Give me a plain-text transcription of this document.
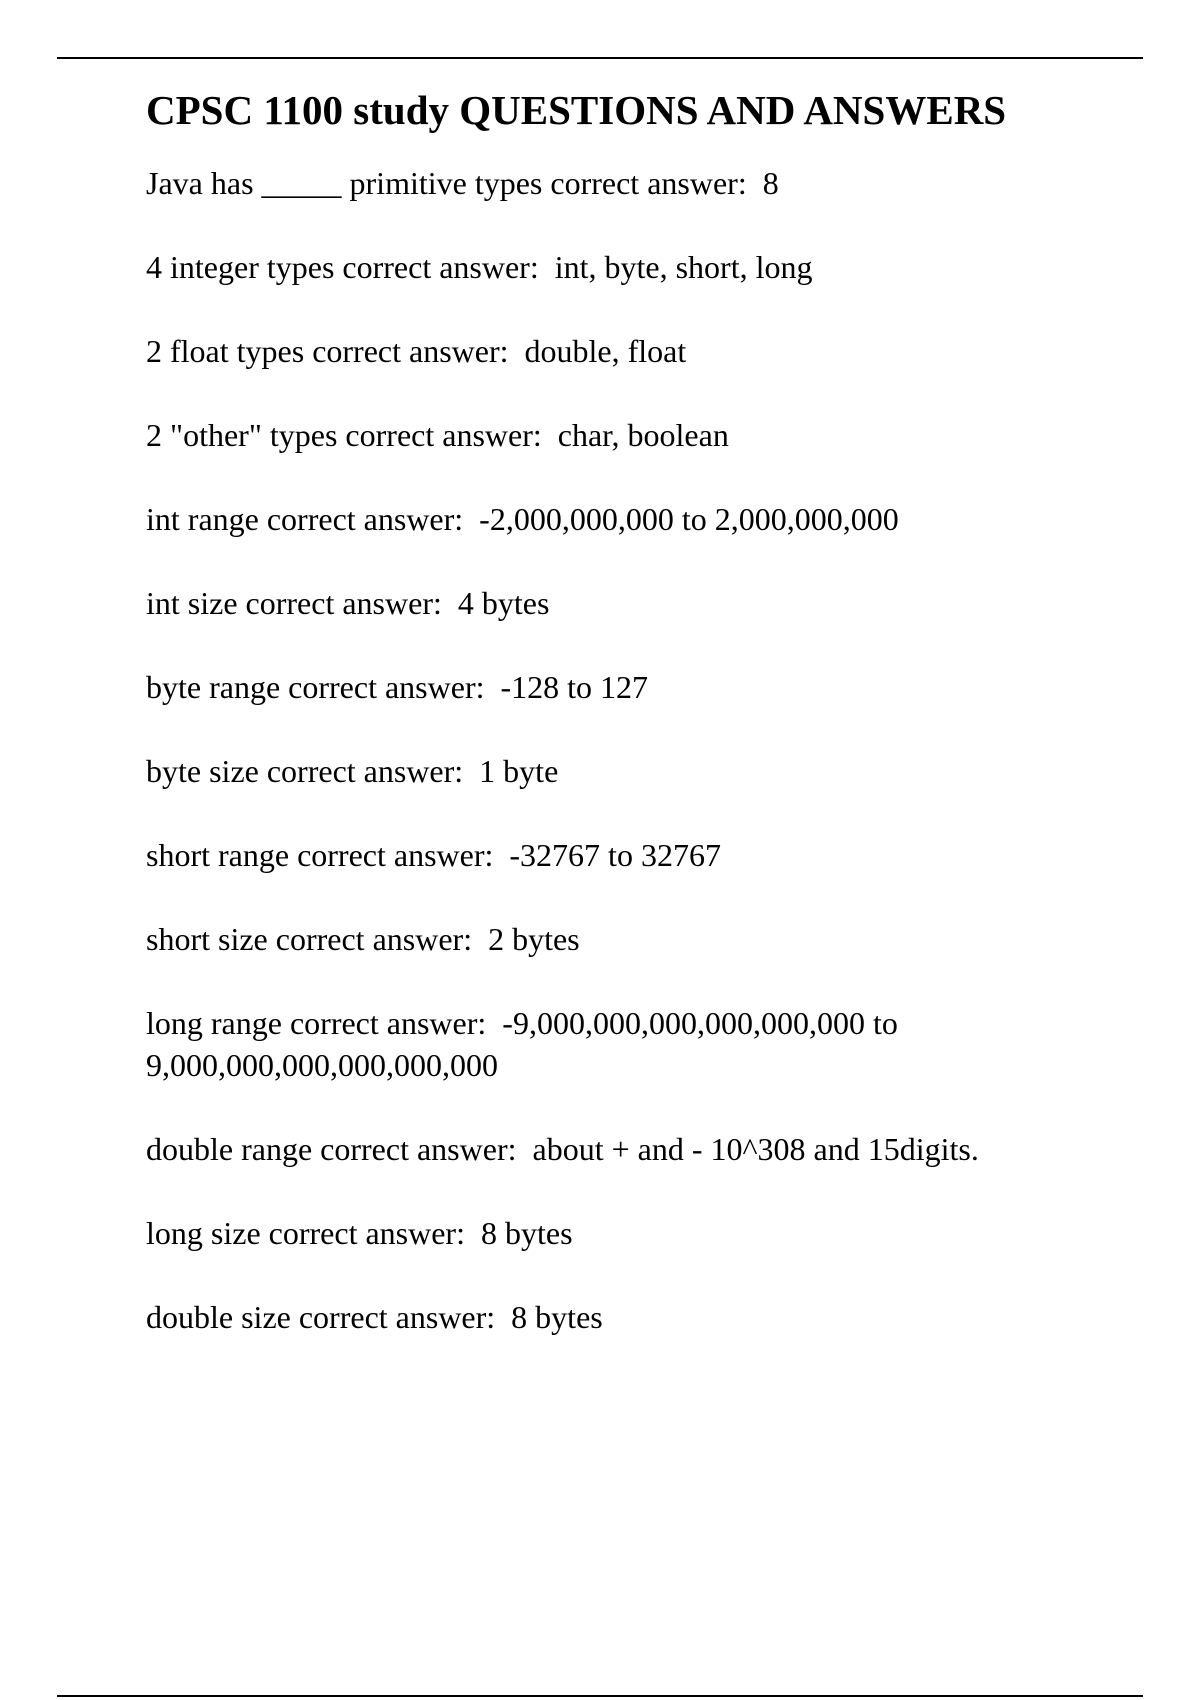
CPSC 1100 study QUESTIONS AND ANSWERS
Java has _____ primitive types correct answer:  8
4 integer types correct answer:  int, byte, short, long
2 float types correct answer:  double, float
2 "other" types correct answer:  char, boolean
int range correct answer:  -2,000,000,000 to 2,000,000,000
int size correct answer:  4 bytes
byte range correct answer:  -128 to 127
byte size correct answer:  1 byte
short range correct answer:  -32767 to 32767
short size correct answer:  2 bytes
long range correct answer:  -9,000,000,000,000,000,000 to 9,000,000,000,000,000,000
double range correct answer:  about + and - 10^308 and 15digits.
long size correct answer:  8 bytes
double size correct answer:  8 bytes
